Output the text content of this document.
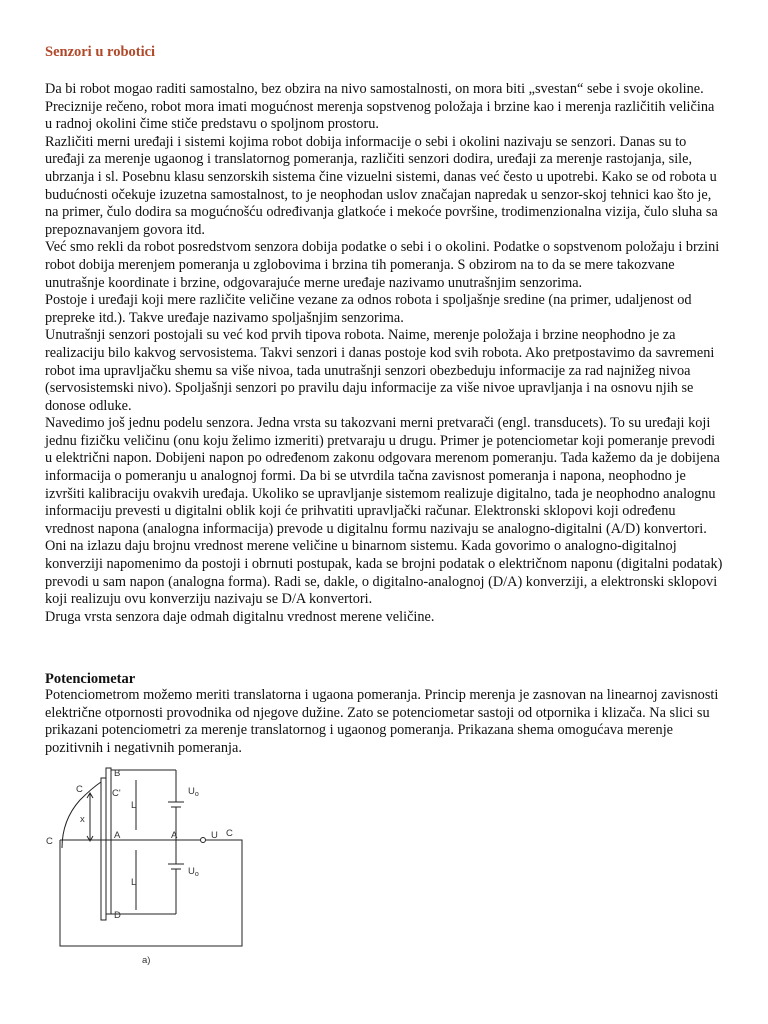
Senzori u robotici

Da bi robot mogao raditi samostalno, bez obzira na nivo samostalnosti, on mora biti „svestan“ sebe i svoje okoline. Preciznije rečeno, robot mora imati mogućnost merenja sopstvenog položaja i brzine kao i merenja različitih veličina u radnoj okolini čime stiče predstavu o spoljnom prostoru.

Različiti merni uređaji i sistemi kojima robot dobija informacije o sebi i okolini nazivaju se senzori. Danas su to uređaji za merenje ugaonog i translatornog pomeranja, različiti senzori dodira, uređaji za merenje rastojanja, sile, ubrzanja i sl. Posebnu klasu senzorskih sistema čine vizuelni sistemi, danas već često u upotrebi. Kako se od robota u budućnosti očekuje izuzetna samostalnost, to je neophodan uslov značajan napredak u senzor-skoj tehnici kao što je, na primer, čulo dodira sa mogućnošću određivanja glatkoće i mekoće površine, trodimenzionalna vizija, čulo sluha sa prepoznavanjem govora itd.

Već smo rekli da robot posredstvom senzora dobija podatke o sebi i o okolini. Podatke o sopstvenom položaju i brzini robot dobija merenjem pomeranja u zglobovima i brzina tih pomeranja. S obzirom na to da se mere takozvane unutrašnje koordinate i brzine, odgovarajuće merne uređaje nazivamo unutrašnjim senzorima.

Postoje i uređaji koji mere različite veličine vezane za odnos robota i spoljašnje sredine (na primer, udaljenost od prepreke itd.). Takve uređaje nazivamo spoljašnjim senzorima.

Unutrašnji senzori postojali su već kod prvih tipova robota. Naime, merenje položaja i brzine neophodno je za realizaciju bilo kakvog servosistema. Takvi senzori i danas postoje kod svih robota. Ako pretpostavimo da savremeni robot ima upravljačku shemu sa više nivoa, tada unutrašnji senzori obezbeduju informacije za rad najnižeg nivoa (servosistemski nivo). Spoljašnji senzori po pravilu daju informacije za više nivoe upravljanja i na osnovu njih se donose odluke.

Navedimo još jednu podelu senzora. Jedna vrsta su takozvani merni pretvarači (engl. transducets). To su uređaji koji jednu fizičku veličinu (onu koju želimo izmeriti) pretvaraju u drugu. Primer je potenciometar koji pomeranje prevodi u električni napon. Dobijeni napon po određenom zakonu odgovara merenom pomeranju. Tada kažemo da je dobijena informacija o pomeranju u analognoj formi. Da bi se utvrdila tačna zavisnost pomeranja i napona, neophodno je izvršiti kalibraciju ovakvih uređaja. Ukoliko se upravljanje sistemom realizuje digitalno, tada je neophodno analognu informaciju prevesti u digitalni oblik koji će prihvatiti upravljački računar. Elektronski sklopovi koji određenu vrednost napona (analogna informacija) prevode u digitalnu formu nazivaju se analogno-digitalni (A/D) konvertori. Oni na izlazu daju brojnu vrednost merene veličine u binarnom sistemu. Kada govorimo o analogno-digitalnoj konverziji napomenimo da postoji i obrnuti postupak, kada se brojni podatak o električnom naponu (digitalni podatak) prevodi u sam napon (analogna forma). Radi se, dakle, o digitalno-analognoj (D/A) konverziji, a elektronski sklopovi koji realizuju ovu konverziju nazivaju se D/A konvertori.

Druga vrsta senzora daje odmah digitalnu vrednost merene veličine.

Potenciometar

Potenciometrom možemo meriti translatorna i ugaona pomeranja. Princip merenja je zasnovan na linearnoj zavisnosti električne otpornosti provodnika od njegove dužine. Zato se potenciometar sastoji od otpornika i klizača. Na slici su prikazani potenciometri za merenje translatornog i ugaonog pomeranja. Prikazana shema omogućava merenje pozitivnih i negativnih pomeranja.

B
C'
C
C
x
L
L
A	A
$U_o$
$U_o$
U C
D
a)
